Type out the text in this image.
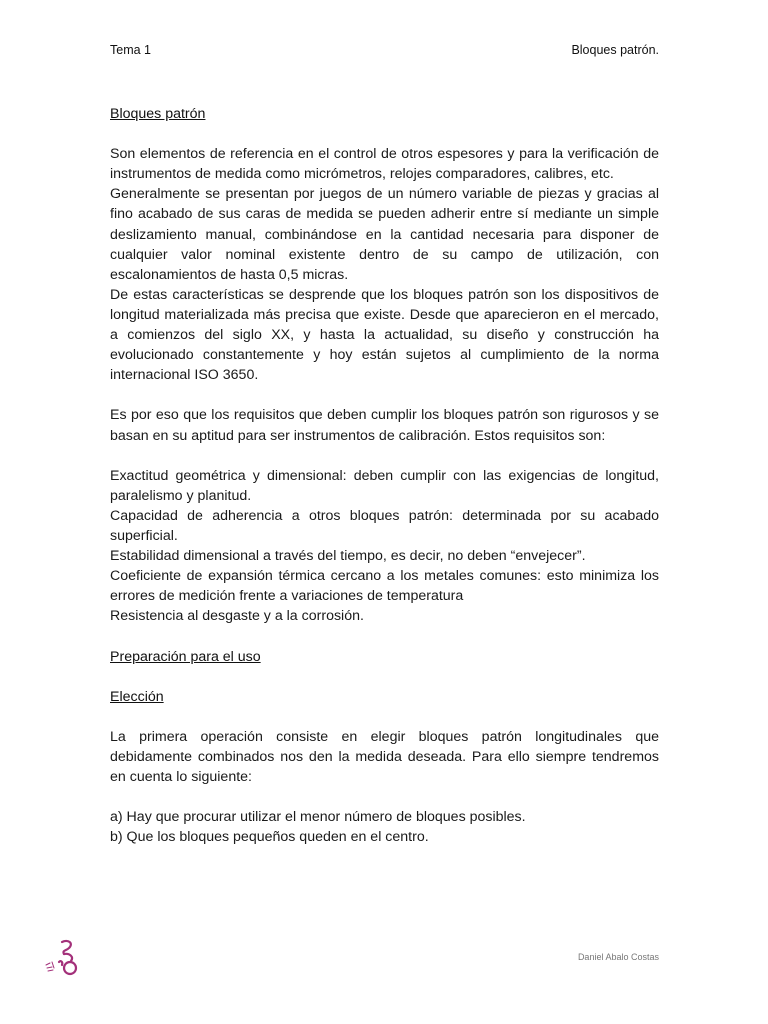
Tema 1	Bloques patrón.
Bloques patrón

Son elementos de referencia en el control de otros espesores y para la verificación de instrumentos de medida como micrómetros, relojes comparadores, calibres, etc.

Generalmente se presentan por juegos de un número variable de piezas y gracias al fino acabado de sus caras de medida se pueden adherir entre sí mediante un simple deslizamiento manual, combinándose en la cantidad necesaria para disponer de cualquier valor nominal existente dentro de su campo de utilización, con escalonamientos de hasta 0,5 micras.

De estas características se desprende que los bloques patrón son los dispositivos de longitud materializada más precisa que existe. Desde que aparecieron en el mercado, a comienzos del siglo XX, y hasta la actualidad, su diseño y construcción ha evolucionado constantemente y hoy están sujetos al cumplimiento de la norma internacional ISO 3650.

Es por eso que los requisitos que deben cumplir los bloques patrón son rigurosos y se basan en su aptitud para ser instrumentos de calibración. Estos requisitos son:

Exactitud geométrica y dimensional: deben cumplir con las exigencias de longitud, paralelismo y planitud.

Capacidad de adherencia a otros bloques patrón: determinada por su acabado superficial.

Estabilidad dimensional a través del tiempo, es decir, no deben “envejecer”.

Coeficiente de expansión térmica cercano a los metales comunes: esto minimiza los errores de medición frente a variaciones de temperatura

Resistencia al desgaste y a la corrosión.

Preparación para el uso
Elección

La primera operación consiste en elegir bloques patrón longitudinales que debidamente combinados nos den la medida deseada. Para ello siempre tendremos en cuenta lo siguiente:

a) Hay que procurar utilizar el menor número de bloques posibles.

b) Que los bloques pequeños queden en el centro.

Daniel Abalo Costas
